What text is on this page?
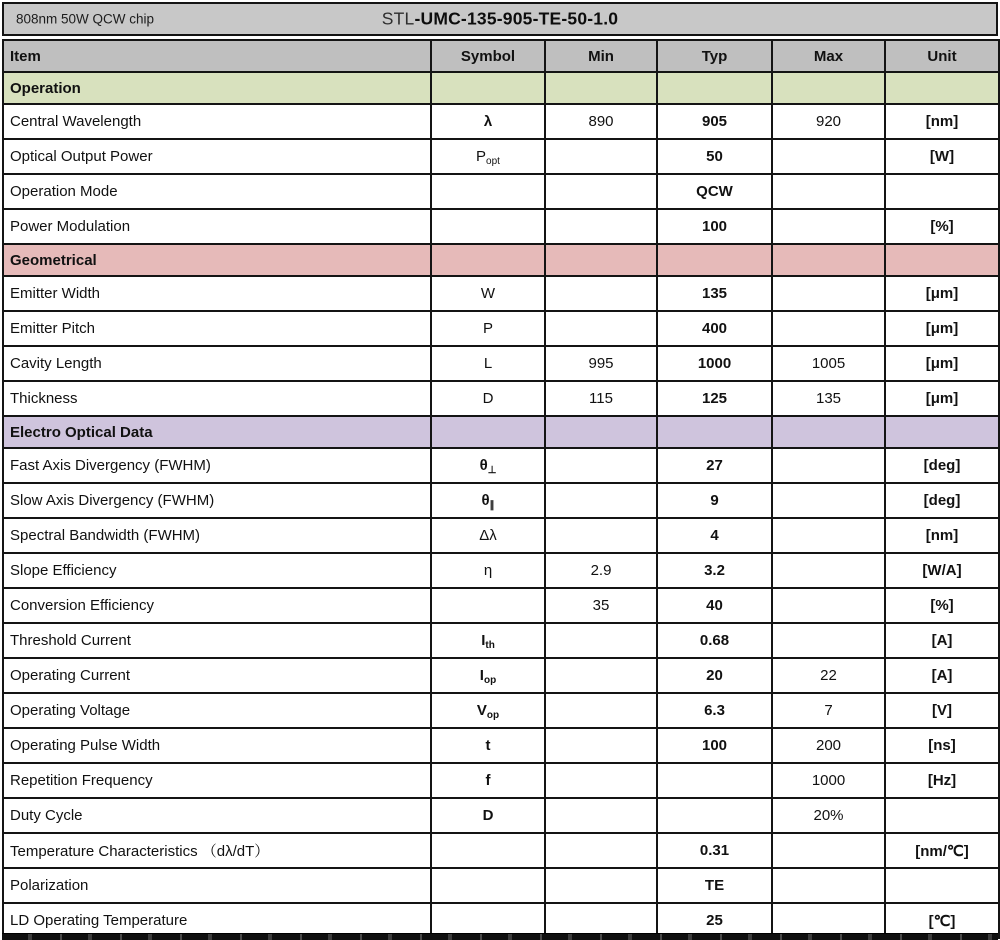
808nm 50W QCW chip	STL-UMC-135-905-TE-50-1.0
Item	Symbol	Min	Typ	Max	Unit
Operation					
Central Wavelength	λ	890	905	920	[nm]
Optical Output Power	$P_{opt}$		50		[W]
Operation Mode			QCW		
Power Modulation			100		[%]
Geometrical					
Emitter Width	W		135		[μm]
Emitter Pitch	P		400		[μm]
Cavity Length	L	995	1000	1005	[μm]
Thickness	D	115	125	135	[μm]
Electro Optical Data					
Fast Axis Divergency (FWHM)	$\theta_\perp$		27		[deg]
Slow Axis Divergency (FWHM)	$\theta_\parallel$		9		[deg]
Spectral Bandwidth (FWHM)	Δλ		4		[nm]
Slope Efficiency	η	2.9	3.2		[W/A]
Conversion Efficiency		35	40		[%]
Threshold Current	$I_{th}$		0.68		[A]
Operating Current	$I_{op}$		20	22	[A]
Operating Voltage	$V_{op}$		6.3	7	[V]
Operating Pulse Width	t		100	200	[ns]
Repetition Frequency	f			1000	[Hz]
Duty Cycle	D			20%	
Temperature Characteristics （dλ/dT）			0.31		[nm/℃]
Polarization			TE		
LD Operating Temperature			25		[℃]
